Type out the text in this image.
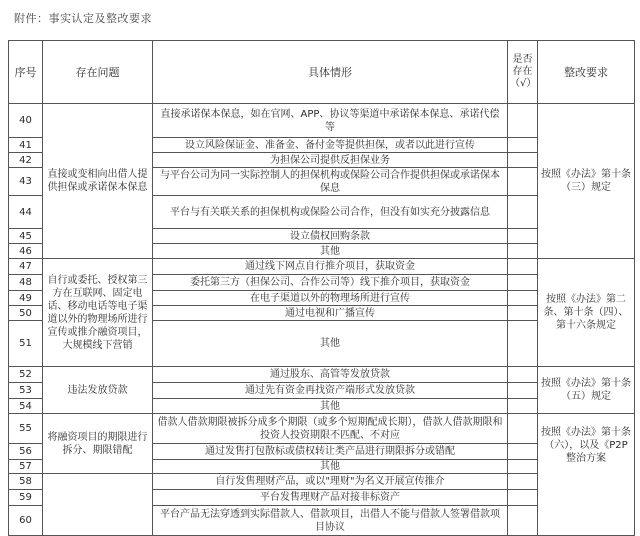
附件：事实认定及整改要求
序号	存在问题	具体情形	是否存在（√）	整改要求
40	直接或变相向出借人提供担保或承诺保本保息	直接承诺保本保息，如在官网、APP、协议等渠道中承诺保本保息、承诺代偿等		按照《办法》第十条（三）规定
41		设立风险保证金、准备金、备付金等提供担保，或者以此进行宣传		
42		为担保公司提供反担保业务		
43		与平台公司为同一实际控制人的担保机构或保险公司合作提供担保或承诺保本保息		
44		平台与有关联关系的担保机构或保险公司合作，但没有如实充分披露信息		
45		设立债权回购条款		
46		其他		
47	自行或委托、授权第三方在互联网、固定电话、移动电话等电子渠道以外的物理场所进行宣传或推介融资项目，大规模线下营销	通过线下网点自行推介项目，获取资金		按照《办法》第二条、第十条（四）、第十六条规定
48		委托第三方（担保公司、合作公司等）线下推介项目，获取资金		
49		在电子渠道以外的物理场所进行宣传		
50		通过电视和广播宣传		
51		其他		
52	违法发放贷款	通过股东、高管等发放贷款		按照《办法》第十条（五）规定
53		通过先有资金再找资产端形式发放贷款		
54		其他		
55	将融资项目的期限进行拆分、期限错配	借款人借款期限被拆分成多个期限（或多个短期配成长期），借款人借款期限和投资人投资期限不匹配、不对应		按照《办法》第十条（六），以及《P2P整治方案
56		通过发售打包散标或债权转让类产品进行期限拆分或错配		
57		其他		
58		自行发售理财产品，或以"理财"为名义开展宣传推介		
59		平台发售理财产品对接非标资产		
60		平台产品无法穿透到实际借款人、借款项目，出借人不能与借款人签署借款项目协议		
